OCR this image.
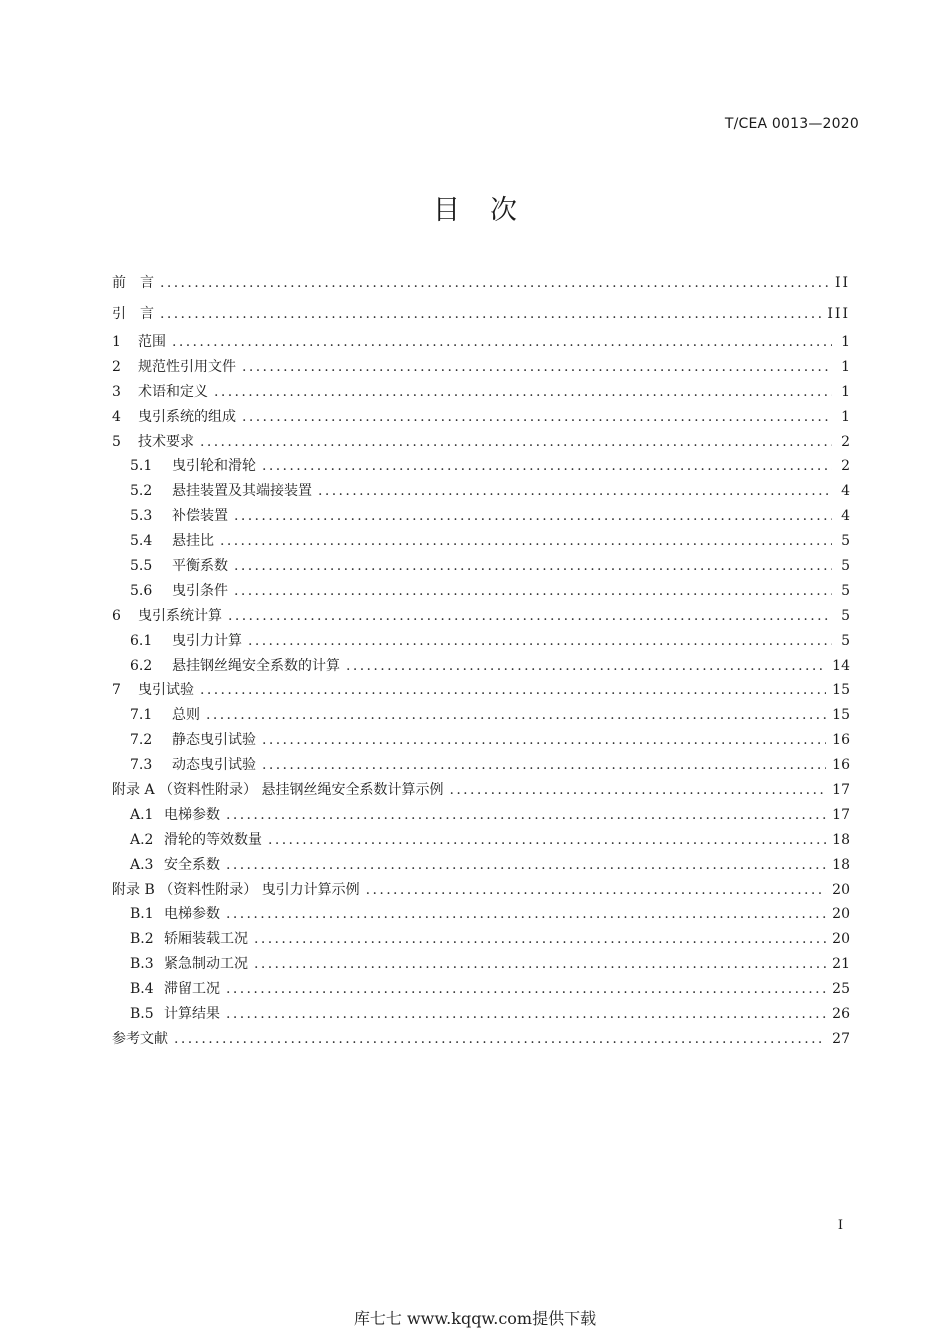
T/CEA 0013—2020
目 次
前　言 .....	II
引　言 .....	III
1	范围 .....	1
2	规范性引用文件 .....	1
3	术语和定义 .....	1
4	曳引系统的组成 .....	1
5	技术要求 .....	2
5.1	曳引轮和滑轮 .....	2
5.2	悬挂装置及其端接装置 .....	4
5.3	补偿装置 .....	4
5.4	悬挂比 .....	5
5.5	平衡系数 .....	5
5.6	曳引条件 .....	5
6	曳引系统计算 .....	5
6.1	曳引力计算 .....	5
6.2	悬挂钢丝绳安全系数的计算 .....	14
7	曳引试验 .....	15
7.1	总则 .....	15
7.2	静态曳引试验 .....	16
7.3	动态曳引试验 .....	16
附录 A （资料性附录） 悬挂钢丝绳安全系数计算示例 .....	17
A.1 电梯参数 .....	17
A.2 滑轮的等效数量 .....	18
A.3 安全系数 .....	18
附录 B （资料性附录） 曳引力计算示例 .....	20
B.1 电梯参数 .....	20
B.2 轿厢装载工况 .....	20
B.3 紧急制动工况 .....	21
B.4 滞留工况 .....	25
B.5 计算结果 .....	26
参考文献 .....	27
I
库七七 www.kqqw.com提供下载
